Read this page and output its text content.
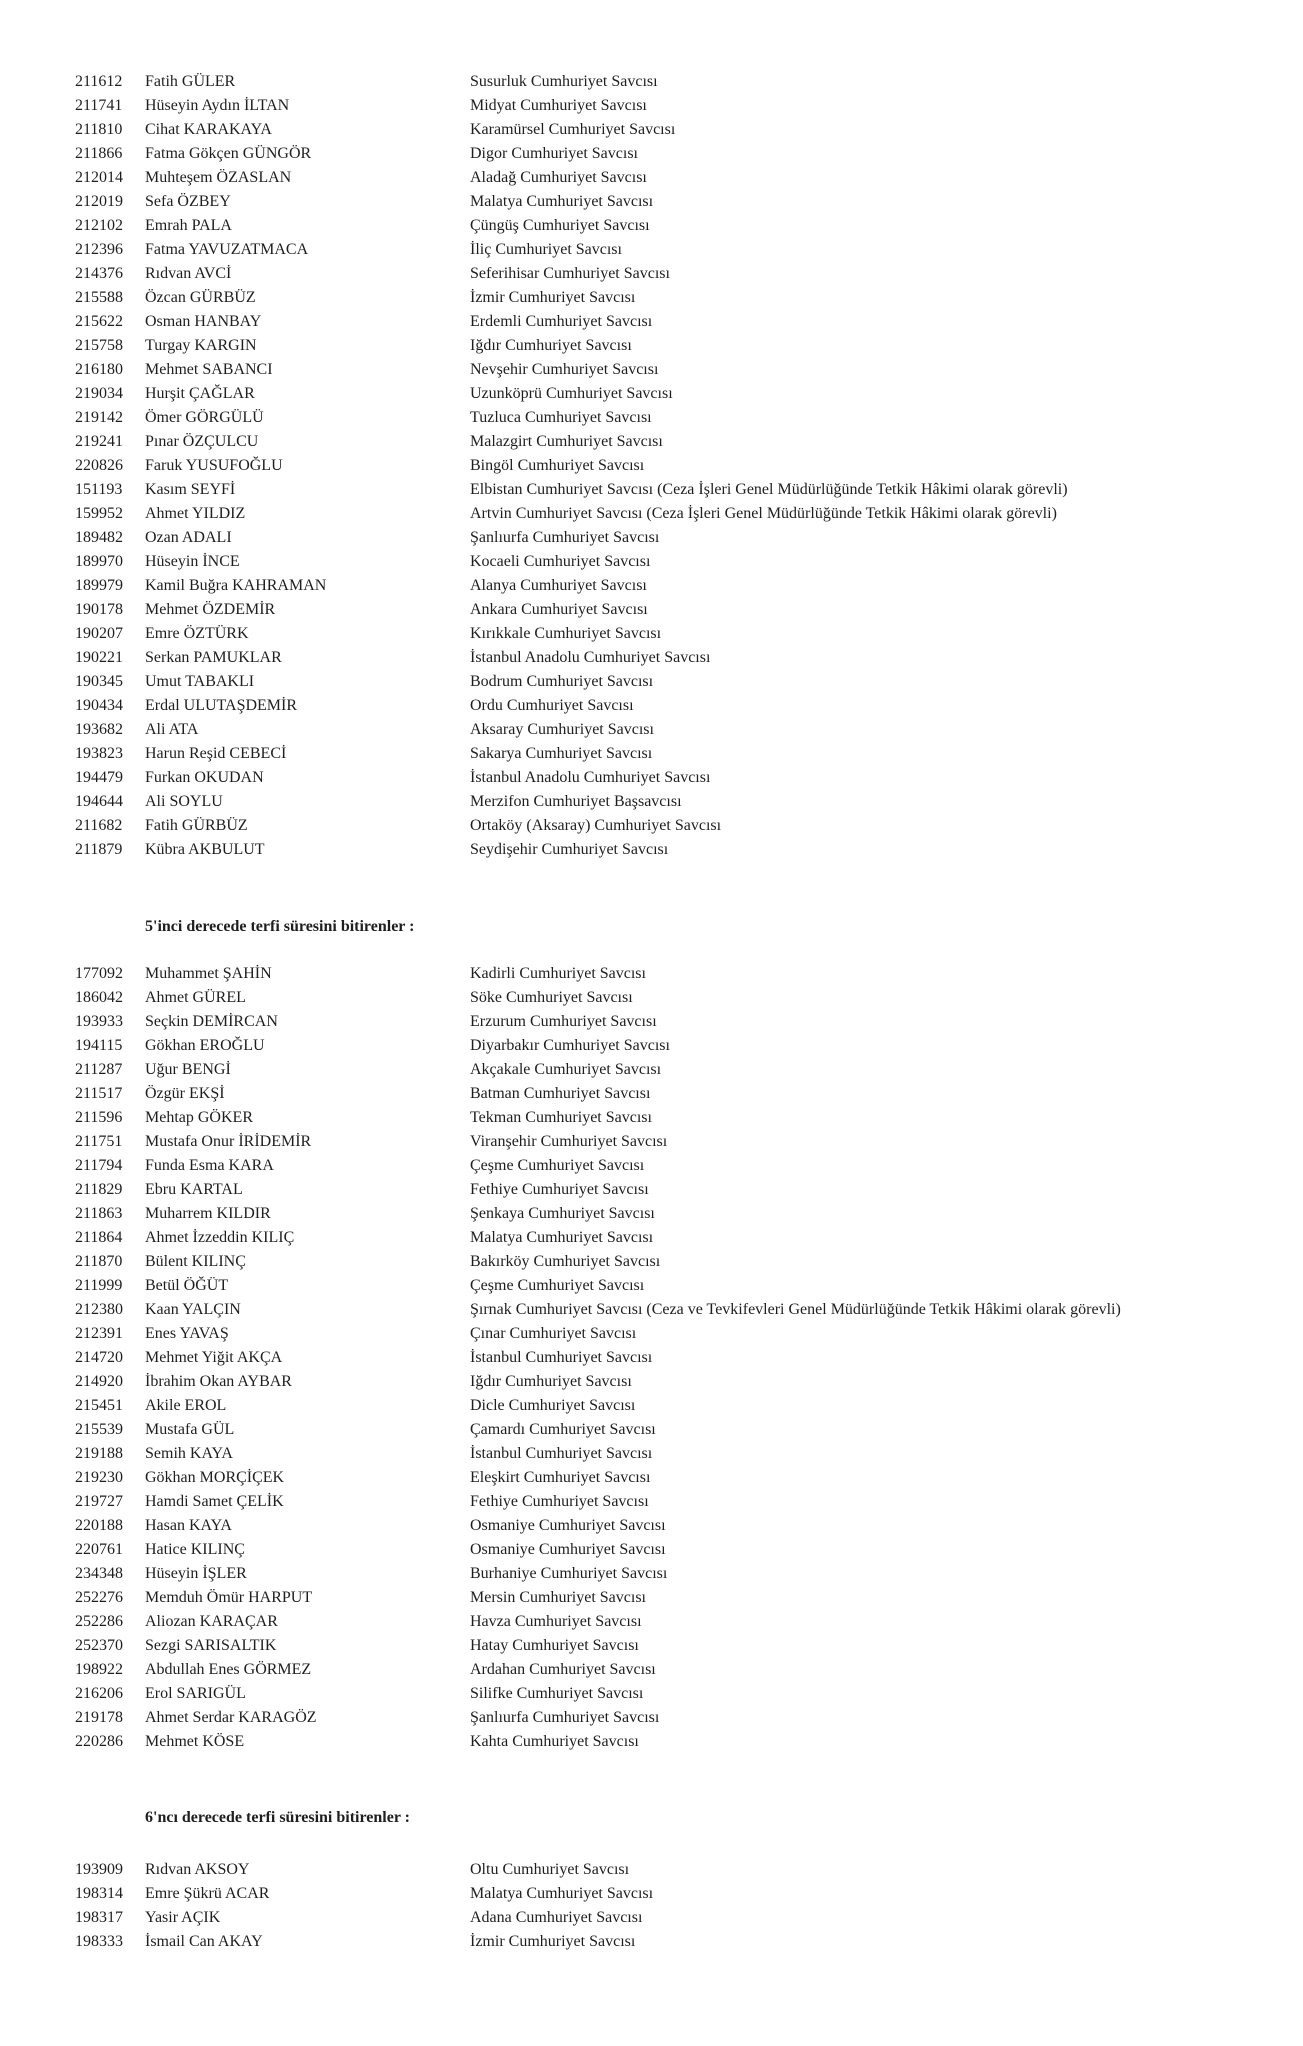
211612	Fatih GÜLER	Susurluk Cumhuriyet Savcısı
211741	Hüseyin Aydın İLTAN	Midyat Cumhuriyet Savcısı
211810	Cihat KARAKAYA	Karamürsel Cumhuriyet Savcısı
211866	Fatma Gökçen GÜNGÖR	Digor Cumhuriyet Savcısı
212014	Muhteşem ÖZASLAN	Aladağ Cumhuriyet Savcısı
212019	Sefa ÖZBEY	Malatya Cumhuriyet Savcısı
212102	Emrah PALA	Çüngüş Cumhuriyet Savcısı
212396	Fatma YAVUZATMACA	İliç Cumhuriyet Savcısı
214376	Rıdvan AVCİ	Seferihisar Cumhuriyet Savcısı
215588	Özcan GÜRBÜZ	İzmir Cumhuriyet Savcısı
215622	Osman HANBAY	Erdemli Cumhuriyet Savcısı
215758	Turgay KARGIN	Iğdır Cumhuriyet Savcısı
216180	Mehmet SABANCI	Nevşehir Cumhuriyet Savcısı
219034	Hurşit ÇAĞLAR	Uzunköprü Cumhuriyet Savcısı
219142	Ömer GÖRGÜLÜ	Tuzluca Cumhuriyet Savcısı
219241	Pınar ÖZÇULCU	Malazgirt Cumhuriyet Savcısı
220826	Faruk YUSUFOĞLU	Bingöl Cumhuriyet Savcısı
151193	Kasım SEYFİ	Elbistan Cumhuriyet Savcısı (Ceza İşleri Genel Müdürlüğünde Tetkik Hâkimi olarak görevli)
159952	Ahmet YILDIZ	Artvin Cumhuriyet Savcısı (Ceza İşleri Genel Müdürlüğünde Tetkik Hâkimi olarak görevli)
189482	Ozan ADALI	Şanlıurfa Cumhuriyet Savcısı
189970	Hüseyin İNCE	Kocaeli Cumhuriyet Savcısı
189979	Kamil Buğra KAHRAMAN	Alanya Cumhuriyet Savcısı
190178	Mehmet ÖZDEMİR	Ankara Cumhuriyet Savcısı
190207	Emre ÖZTÜRK	Kırıkkale Cumhuriyet Savcısı
190221	Serkan PAMUKLAR	İstanbul Anadolu Cumhuriyet Savcısı
190345	Umut TABAKLI	Bodrum Cumhuriyet Savcısı
190434	Erdal ULUTAŞDEMİR	Ordu Cumhuriyet Savcısı
193682	Ali ATA	Aksaray Cumhuriyet Savcısı
193823	Harun Reşid CEBECİ	Sakarya Cumhuriyet Savcısı
194479	Furkan OKUDAN	İstanbul Anadolu Cumhuriyet Savcısı
194644	Ali SOYLU	Merzifon Cumhuriyet Başsavcısı
211682	Fatih GÜRBÜZ	Ortaköy (Aksaray) Cumhuriyet Savcısı
211879	Kübra AKBULUT	Seydişehir Cumhuriyet Savcısı
5'inci derecede terfi süresini bitirenler :
177092	Muhammet ŞAHİN	Kadirli Cumhuriyet Savcısı
186042	Ahmet GÜREL	Söke Cumhuriyet Savcısı
193933	Seçkin DEMİRCAN	Erzurum Cumhuriyet Savcısı
194115	Gökhan EROĞLU	Diyarbakır Cumhuriyet Savcısı
211287	Uğur BENGİ	Akçakale Cumhuriyet Savcısı
211517	Özgür EKŞİ	Batman Cumhuriyet Savcısı
211596	Mehtap GÖKER	Tekman Cumhuriyet Savcısı
211751	Mustafa Onur İRİDEMİR	Viranşehir Cumhuriyet Savcısı
211794	Funda Esma KARA	Çeşme Cumhuriyet Savcısı
211829	Ebru KARTAL	Fethiye Cumhuriyet Savcısı
211863	Muharrem KILDIR	Şenkaya Cumhuriyet Savcısı
211864	Ahmet İzzeddin KILIÇ	Malatya Cumhuriyet Savcısı
211870	Bülent KILINÇ	Bakırköy Cumhuriyet Savcısı
211999	Betül ÖĞÜT	Çeşme Cumhuriyet Savcısı
212380	Kaan YALÇIN	Şırnak Cumhuriyet Savcısı (Ceza ve Tevkifevleri Genel Müdürlüğünde Tetkik Hâkimi olarak görevli)
212391	Enes YAVAŞ	Çınar Cumhuriyet Savcısı
214720	Mehmet Yiğit AKÇA	İstanbul Cumhuriyet Savcısı
214920	İbrahim Okan AYBAR	Iğdır Cumhuriyet Savcısı
215451	Akile EROL	Dicle Cumhuriyet Savcısı
215539	Mustafa GÜL	Çamardı Cumhuriyet Savcısı
219188	Semih KAYA	İstanbul Cumhuriyet Savcısı
219230	Gökhan MORÇİÇEK	Eleşkirt Cumhuriyet Savcısı
219727	Hamdi Samet ÇELİK	Fethiye Cumhuriyet Savcısı
220188	Hasan KAYA	Osmaniye Cumhuriyet Savcısı
220761	Hatice KILINÇ	Osmaniye Cumhuriyet Savcısı
234348	Hüseyin İŞLER	Burhaniye Cumhuriyet Savcısı
252276	Memduh Ömür HARPUT	Mersin Cumhuriyet Savcısı
252286	Aliozan KARAÇAR	Havza Cumhuriyet Savcısı
252370	Sezgi SARISALTIK	Hatay Cumhuriyet Savcısı
198922	Abdullah Enes GÖRMEZ	Ardahan Cumhuriyet Savcısı
216206	Erol SARIGÜL	Silifke Cumhuriyet Savcısı
219178	Ahmet Serdar KARAGÖZ	Şanlıurfa Cumhuriyet Savcısı
220286	Mehmet KÖSE	Kahta Cumhuriyet Savcısı
6'ncı derecede terfi süresini bitirenler :
193909	Rıdvan AKSOY	Oltu Cumhuriyet Savcısı
198314	Emre Şükrü ACAR	Malatya Cumhuriyet Savcısı
198317	Yasir AÇIK	Adana Cumhuriyet Savcısı
198333	İsmail Can AKAY	İzmir Cumhuriyet Savcısı
